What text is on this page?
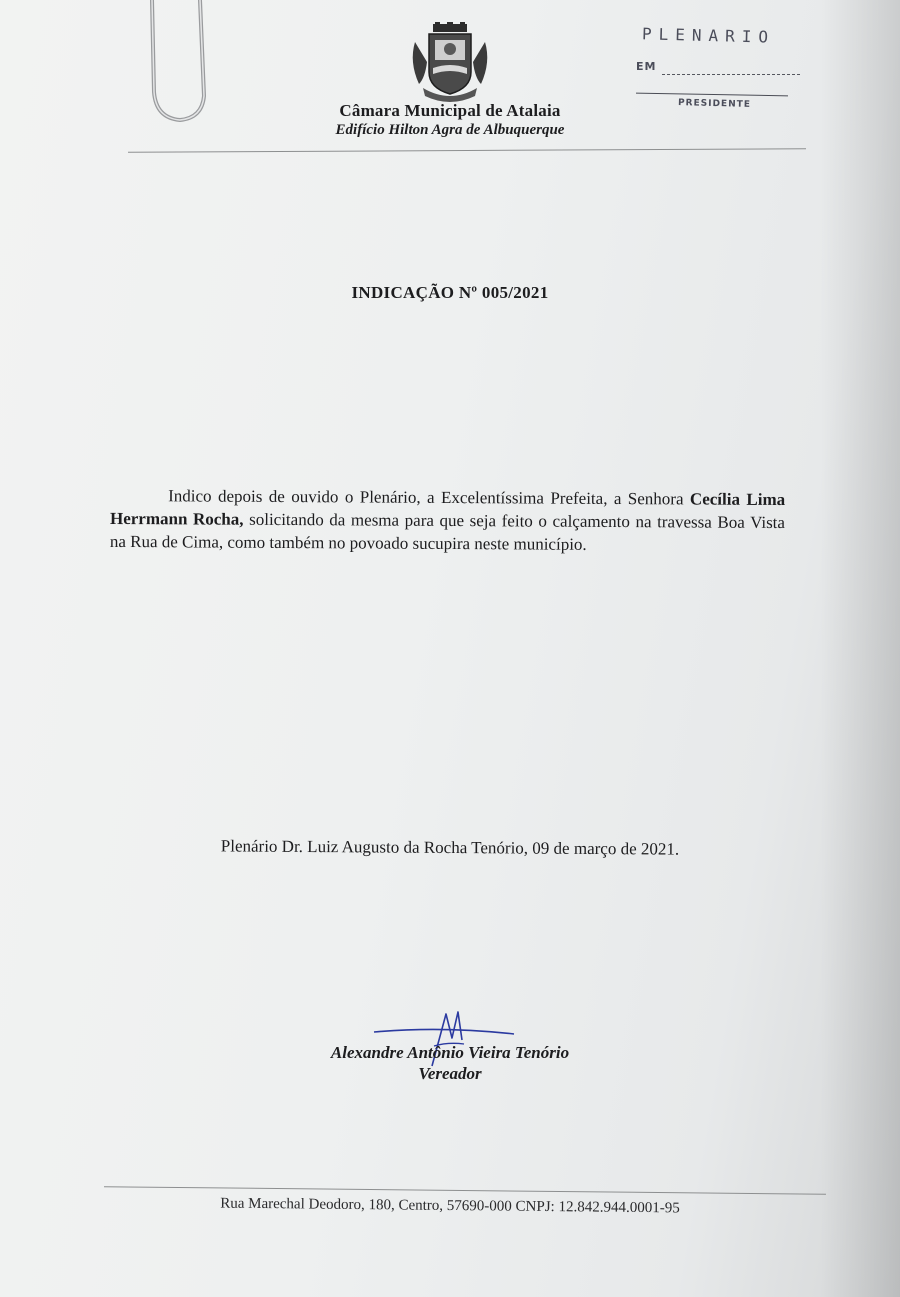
Câmara Municipal de Atalaia
Edifício Hilton Agra de Albuquerque
PLENARIO
EM
PRESIDENTE
INDICAÇÃO Nº 005/2021

Indico depois de ouvido o Plenário, a Excelentíssima Prefeita, a Senhora Cecília Lima Herrmann Rocha, solicitando da mesma para que seja feito o calçamento na travessa Boa Vista na Rua de Cima, como também no povoado sucupira neste município.

Plenário Dr. Luiz Augusto da Rocha Tenório, 09 de março de 2021.
Alexandre Antônio Vieira Tenório
Vereador
Rua Marechal Deodoro, 180, Centro, 57690-000 CNPJ: 12.842.944.0001-95
